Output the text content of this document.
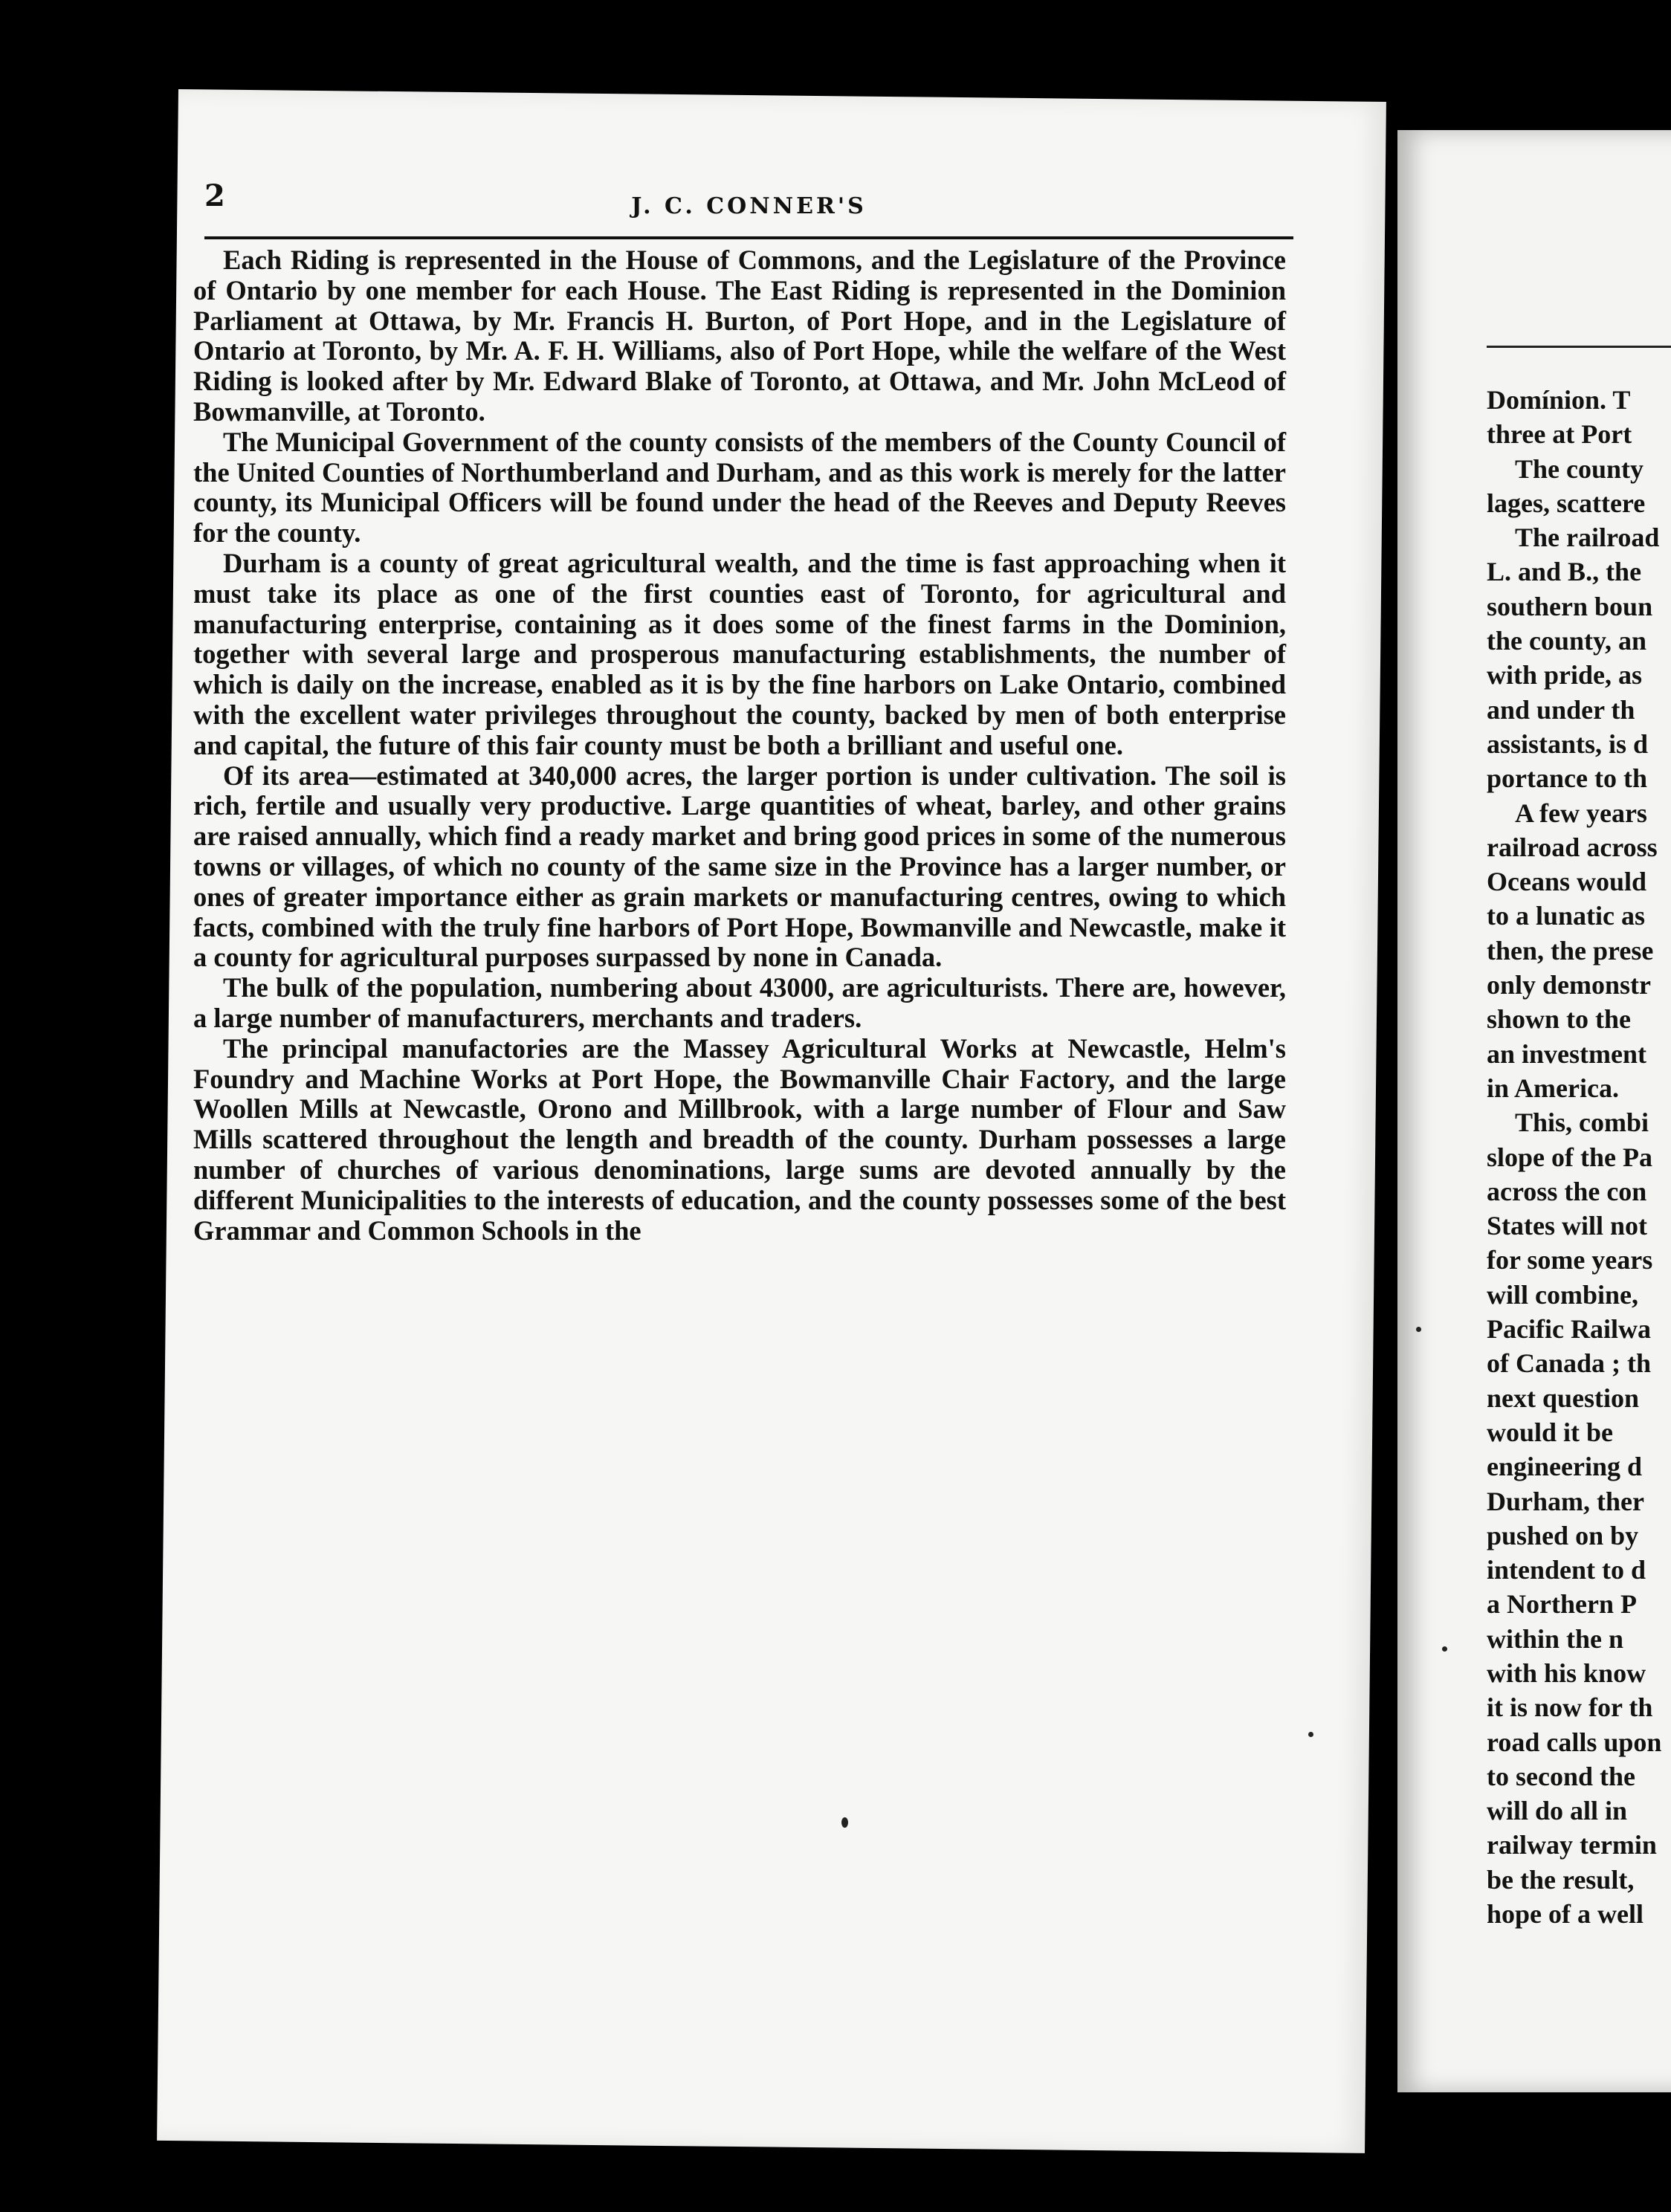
2	J. C. CONNER'S

Each Riding is represented in the House of Commons, and the Legislature of the Province of Ontario by one member for each House. The East Riding is represented in the Dominion Parliament at Ottawa, by Mr. Francis H. Burton, of Port Hope, and in the Legislature of Ontario at Toronto, by Mr. A. F. H. Williams, also of Port Hope, while the welfare of the West Riding is looked after by Mr. Edward Blake of Toronto, at Ottawa, and Mr. John McLeod of Bowmanville, at Toronto.

The Municipal Government of the county consists of the members of the County Council of the United Counties of Northumberland and Durham, and as this work is merely for the latter county, its Municipal Officers will be found under the head of the Reeves and Deputy Reeves for the county.

Durham is a county of great agricultural wealth, and the time is fast approaching when it must take its place as one of the first counties east of Toronto, for agricultural and manufacturing enterprise, containing as it does some of the finest farms in the Dominion, together with several large and prosperous manufacturing establishments, the number of which is daily on the increase, enabled as it is by the fine harbors on Lake Ontario, combined with the excellent water privileges throughout the county, backed by men of both enterprise and capital, the future of this fair county must be both a brilliant and useful one.

Of its area—estimated at 340,000 acres, the larger portion is under cultivation. The soil is rich, fertile and usually very productive. Large quantities of wheat, barley, and other grains are raised annually, which find a ready market and bring good prices in some of the numerous towns or villages, of which no county of the same size in the Province has a larger number, or ones of greater importance either as grain markets or manufacturing centres, owing to which facts, combined with the truly fine harbors of Port Hope, Bowmanville and Newcastle, make it a county for agricultural purposes surpassed by none in Canada.

The bulk of the population, numbering about 43000, are agriculturists. There are, however, a large number of manufacturers, merchants and traders.

The principal manufactories are the Massey Agricultural Works at Newcastle, Helm's Foundry and Machine Works at Port Hope, the Bowmanville Chair Factory, and the large Woollen Mills at Newcastle, Orono and Millbrook, with a large number of Flour and Saw Mills scattered throughout the length and breadth of the county. Durham possesses a large number of churches of various denominations, large sums are devoted annually by the different Municipalities to the interests of education, and the county possesses some of the best Grammar and Common Schools in the

Domínion. T
three at Port
The county
lages, scattere
The railroad
L. and B., the
southern boun
the county, an
with pride, as
and under th
assistants, is d
portance to th
A few years
railroad across
Oceans would
to a lunatic as
then, the prese
only demonstr
shown to the
an investment
in America.
This, combi
slope of the Pa
across the con
States will not
for some years
will combine,
Pacific Railwa
of Canada ; th
next question
would it be
engineering d
Durham, ther
pushed on by
intendent to d
a Northern P
within the n
with his know
it is now for th
road calls upon
to second the
will do all in
railway termin
be the result,
hope of a well
